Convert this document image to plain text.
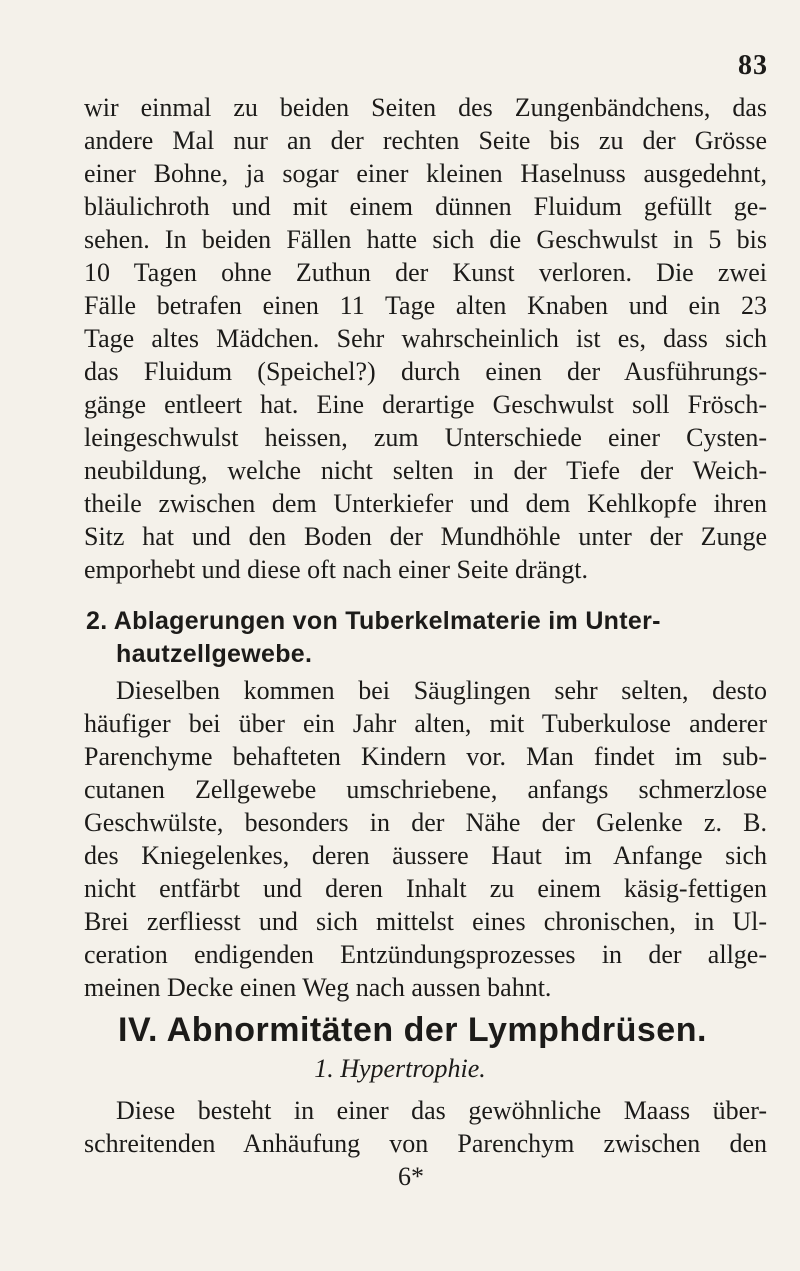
83
wir einmal zu beiden Seiten des Zungenbändchens, das
andere Mal nur an der rechten Seite bis zu der Grösse
einer Bohne, ja sogar einer kleinen Haselnuss ausgedehnt,
bläulichroth und mit einem dünnen Fluidum gefüllt ge-
sehen. In beiden Fällen hatte sich die Geschwulst in 5 bis
10 Tagen ohne Zuthun der Kunst verloren. Die zwei
Fälle betrafen einen 11 Tage alten Knaben und ein 23
Tage altes Mädchen. Sehr wahrscheinlich ist es, dass sich
das Fluidum (Speichel?) durch einen der Ausführungs-
gänge entleert hat. Eine derartige Geschwulst soll Frösch-
leingeschwulst heissen, zum Unterschiede einer Cysten-
neubildung, welche nicht selten in der Tiefe der Weich-
theile zwischen dem Unterkiefer und dem Kehlkopfe ihren
Sitz hat und den Boden der Mundhöhle unter der Zunge
emporhebt und diese oft nach einer Seite drängt.
2. Ablagerungen von Tuberkelmaterie im Unter-
hautzellgewebe.
Dieselben kommen bei Säuglingen sehr selten, desto
häufiger bei über ein Jahr alten, mit Tuberkulose anderer
Parenchyme behafteten Kindern vor. Man findet im sub-
cutanen Zellgewebe umschriebene, anfangs schmerzlose
Geschwülste, besonders in der Nähe der Gelenke z. B.
des Kniegelenkes, deren äussere Haut im Anfange sich
nicht entfärbt und deren Inhalt zu einem käsig-fettigen
Brei zerfliesst und sich mittelst eines chronischen, in Ul-
ceration endigenden Entzündungsprozesses in der allge-
meinen Decke einen Weg nach aussen bahnt.
IV. Abnormitäten der Lymphdrüsen.
1. Hypertrophie.
Diese besteht in einer das gewöhnliche Maass über-
schreitenden Anhäufung von Parenchym zwischen den
6*
